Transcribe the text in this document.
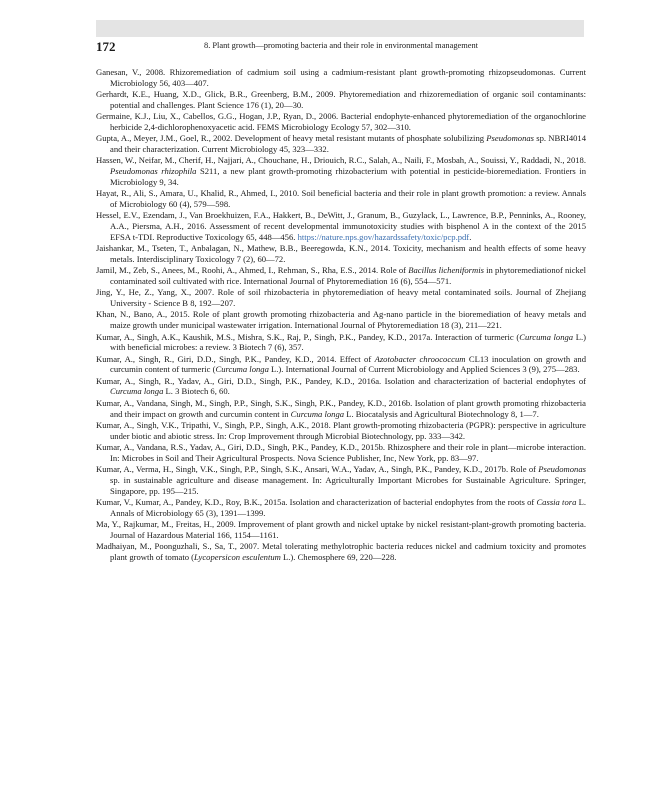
172	8. Plant growth—promoting bacteria and their role in environmental management

Ganesan, V., 2008. Rhizoremediation of cadmium soil using a cadmium-resistant plant growth-promoting rhizopseudomonas. Current Microbiology 56, 403—407.

Gerhardt, K.E., Huang, X.D., Glick, B.R., Greenberg, B.M., 2009. Phytoremediation and rhizoremediation of organic soil contaminants: potential and challenges. Plant Science 176 (1), 20—30.

Germaine, K.J., Liu, X., Cabellos, G.G., Hogan, J.P., Ryan, D., 2006. Bacterial endophyte-enhanced phytoremediation of the organochlorine herbicide 2,4-dichlorophenoxyacetic acid. FEMS Microbiology Ecology 57, 302—310.

Gupta, A., Meyer, J.M., Goel, R., 2002. Development of heavy metal resistant mutants of phosphate solubilizing Pseudomonas sp. NBRI4014 and their characterization. Current Microbiology 45, 323—332.

Hassen, W., Neifar, M., Cherif, H., Najjari, A., Chouchane, H., Driouich, R.C., Salah, A., Naili, F., Mosbah, A., Souissi, Y., Raddadi, N., 2018. Pseudomonas rhizophila S211, a new plant growth-promoting rhizobacterium with potential in pesticide-bioremediation. Frontiers in Microbiology 9, 34.

Hayat, R., Ali, S., Amara, U., Khalid, R., Ahmed, I., 2010. Soil beneficial bacteria and their role in plant growth promotion: a review. Annals of Microbiology 60 (4), 579—598.

Hessel, E.V., Ezendam, J., Van Broekhuizen, F.A., Hakkert, B., DeWitt, J., Granum, B., Guzylack, L., Lawrence, B.P., Penninks, A., Rooney, A.A., Piersma, A.H., 2016. Assessment of recent developmental immunotoxicity studies with bisphenol A in the context of the 2015 EFSA t-TDI. Reproductive Toxicology 65, 448—456. https://nature.nps.gov/hazardssafety/toxic/pcp.pdf.

Jaishankar, M., Tseten, T., Anbalagan, N., Mathew, B.B., Beeregowda, K.N., 2014. Toxicity, mechanism and health effects of some heavy metals. Interdisciplinary Toxicology 7 (2), 60—72.

Jamil, M., Zeb, S., Anees, M., Roohi, A., Ahmed, I., Rehman, S., Rha, E.S., 2014. Role of Bacillus licheniformis in phytoremediationof nickel contaminated soil cultivated with rice. International Journal of Phytoremediation 16 (6), 554—571.

Jing, Y., He, Z., Yang, X., 2007. Role of soil rhizobacteria in phytoremediation of heavy metal contaminated soils. Journal of Zhejiang University - Science B 8, 192—207.

Khan, N., Bano, A., 2015. Role of plant growth promoting rhizobacteria and Ag-nano particle in the bioremediation of heavy metals and maize growth under municipal wastewater irrigation. International Journal of Phytoremediation 18 (3), 211—221.

Kumar, A., Singh, A.K., Kaushik, M.S., Mishra, S.K., Raj, P., Singh, P.K., Pandey, K.D., 2017a. Interaction of turmeric (Curcuma longa L.) with beneficial microbes: a review. 3 Biotech 7 (6), 357.

Kumar, A., Singh, R., Giri, D.D., Singh, P.K., Pandey, K.D., 2014. Effect of Azotobacter chroococcum CL13 inoculation on growth and curcumin content of turmeric (Curcuma longa L.). International Journal of Current Microbiology and Applied Sciences 3 (9), 275—283.

Kumar, A., Singh, R., Yadav, A., Giri, D.D., Singh, P.K., Pandey, K.D., 2016a. Isolation and characterization of bacterial endophytes of Curcuma longa L. 3 Biotech 6, 60.

Kumar, A., Vandana, Singh, M., Singh, P.P., Singh, S.K., Singh, P.K., Pandey, K.D., 2016b. Isolation of plant growth promoting rhizobacteria and their impact on growth and curcumin content in Curcuma longa L. Biocatalysis and Agricultural Biotechnology 8, 1—7.

Kumar, A., Singh, V.K., Tripathi, V., Singh, P.P., Singh, A.K., 2018. Plant growth-promoting rhizobacteria (PGPR): perspective in agriculture under biotic and abiotic stress. In: Crop Improvement through Microbial Biotechnology, pp. 333—342.

Kumar, A., Vandana, R.S., Yadav, A., Giri, D.D., Singh, P.K., Pandey, K.D., 2015b. Rhizosphere and their role in plant—microbe interaction. In: Microbes in Soil and Their Agricultural Prospects. Nova Science Publisher, Inc, New York, pp. 83—97.

Kumar, A., Verma, H., Singh, V.K., Singh, P.P., Singh, S.K., Ansari, W.A., Yadav, A., Singh, P.K., Pandey, K.D., 2017b. Role of Pseudomonas sp. in sustainable agriculture and disease management. In: Agriculturally Important Microbes for Sustainable Agriculture. Springer, Singapore, pp. 195—215.

Kumar, V., Kumar, A., Pandey, K.D., Roy, B.K., 2015a. Isolation and characterization of bacterial endophytes from the roots of Cassia tora L. Annals of Microbiology 65 (3), 1391—1399.

Ma, Y., Rajkumar, M., Freitas, H., 2009. Improvement of plant growth and nickel uptake by nickel resistant-plant-growth promoting bacteria. Journal of Hazardous Material 166, 1154—1161.

Madhaiyan, M., Poonguzhali, S., Sa, T., 2007. Metal tolerating methylotrophic bacteria reduces nickel and cadmium toxicity and promotes plant growth of tomato (Lycopersicon esculentum L.). Chemosphere 69, 220—228.
